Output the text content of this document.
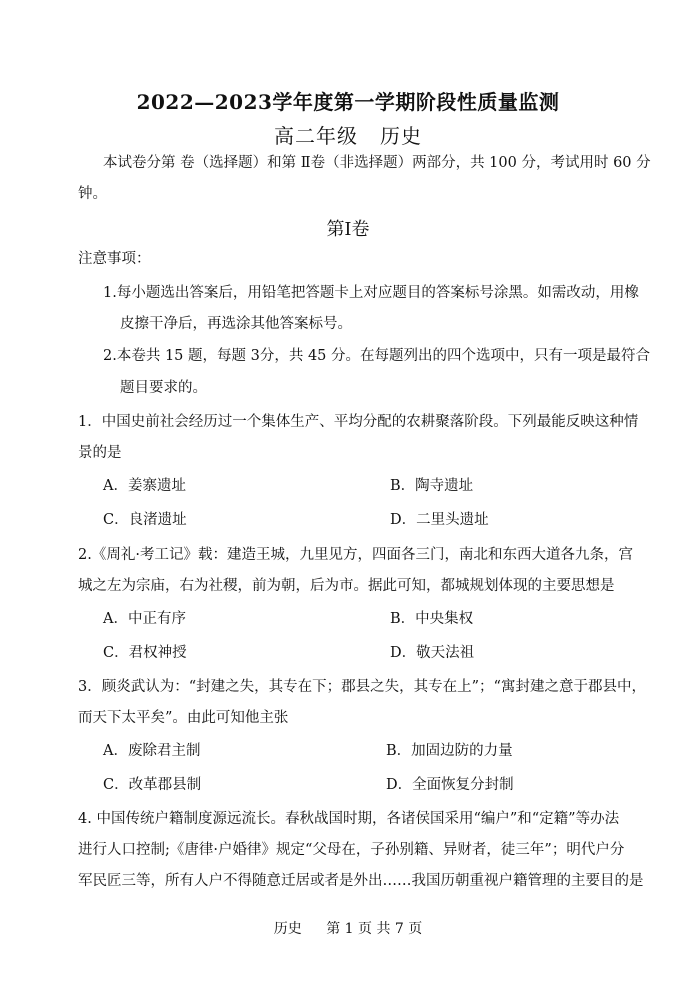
2022—2023学年度第一学期阶段性质量监测
高二年级   历史
本试卷分第 卷（选择题）和第 Ⅱ卷（非选择题）两部分，共 100 分，考试用时 60 分
钟。
第Ⅰ卷
注意事项：
1.每小题选出答案后，用铅笔把答题卡上对应题目的答案标号涂黑。如需改动，用橡
皮擦干净后，再选涂其他答案标号。
2.本卷共 15 题，每题 3分，共 45 分。在每题列出的四个选项中，只有一项是最符合
题目要求的。
1．中国史前社会经历过一个集体生产、平均分配的农耕聚落阶段。下列最能反映这种情
景的是
A．姜寨遗址	B．陶寺遗址
C．良渚遗址	D．二里头遗址
2.《周礼·考工记》载：建造王城，九里见方，四面各三门，南北和东西大道各九条，宫
城之左为宗庙，右为社稷，前为朝，后为市。据此可知，都城规划体现的主要思想是
A．中正有序	B．中央集权
C．君权神授	D．敬天法祖
3．顾炎武认为：“封建之失，其专在下；郡县之失，其专在上”；“寓封建之意于郡县中，
而天下太平矣”。由此可知他主张
A．废除君主制	B．加固边防的力量
C．改革郡县制	D．全面恢复分封制
4. 中国传统户籍制度源远流长。春秋战国时期，各诸侯国采用“编户”和“定籍”等办法
进行人口控制;《唐律·户婚律》规定“父母在，子孙别籍、异财者，徒三年”；明代户分
军民匠三等，所有人户不得随意迁居或者是外出……我国历朝重视户籍管理的主要目的是
历史 第 1 页 共 7 页
